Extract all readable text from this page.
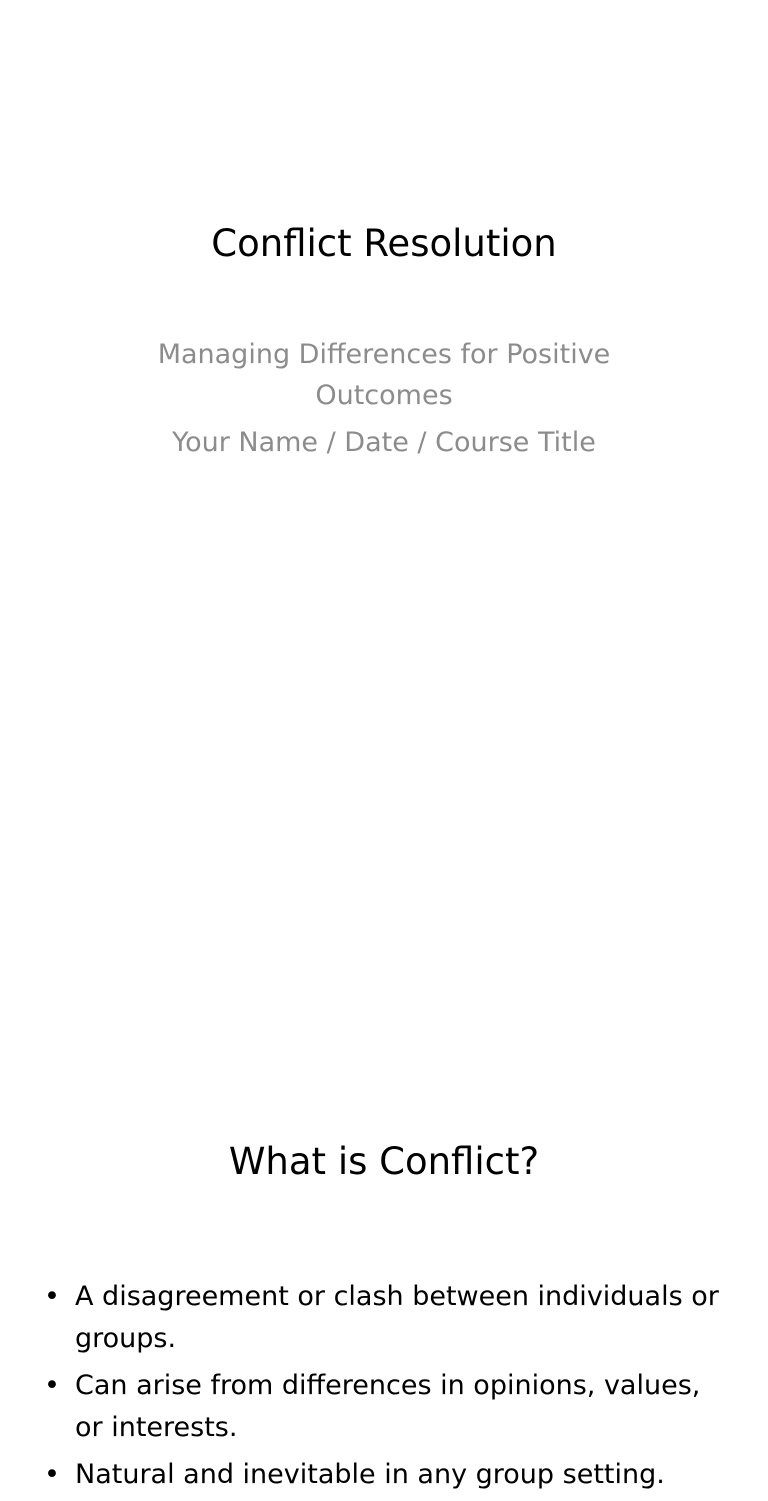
Conflict Resolution

Managing Differences for Positive Outcomes

Your Name / Date / Course Title

What is Conflict?
• A disagreement or clash between individuals or groups.
• Can arise from differences in opinions, values, or interests.
• Natural and inevitable in any group setting.
